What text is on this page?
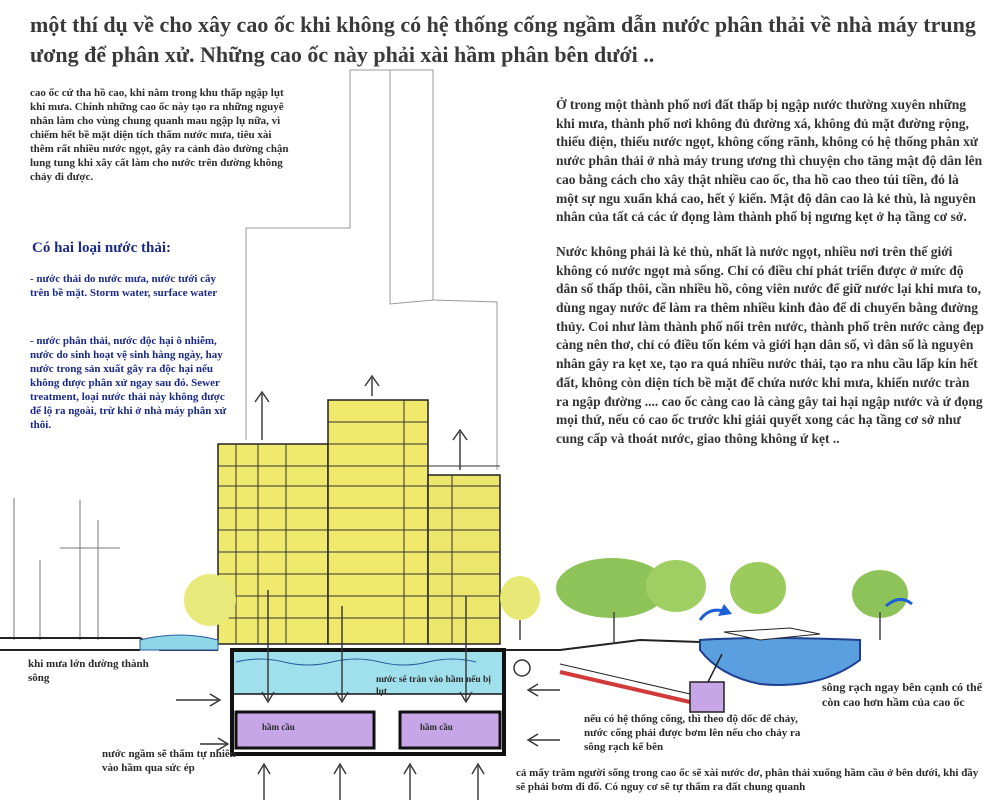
một thí dụ về cho xây cao ốc khi không có hệ thống cống ngầm dẫn nước phân thải về nhà máy trung ương để phân xử. Những cao ốc này phải xài hầm phân bên dưới ..
cao ốc cứ tha hồ cao, khi nằm trong khu thấp ngập lụt khi mưa. Chính những cao ốc này tạo ra những nguyê nhân làm cho vùng chung quanh mau ngập lụ nữa, vì chiếm hết bề mặt diện tích thấm nước mưa, tiêu xài thêm rất nhiều nước ngọt, gây ra cảnh đào đường chận lung tung khi xây cất làm cho nước trên đường không chảy đi được.
Có hai loại nước thải:
- nước thải do nước mưa, nước tưới cây trên bề mặt. Storm water, surface water
- nước phân thải, nước độc hại ô nhiễm, nước do sinh hoạt vệ sinh hàng ngày, hay nước trong sản xuất gây ra độc hại nếu không được phân xử ngay sau đó. Sewer treatment, loại nước thải này không được để lộ ra ngoài, trừ khi ở nhà máy phân xử thôi.

Ở trong một thành phố nơi đất thấp bị ngập nước thường xuyên những khi mưa, thành phố nơi không đủ đường xá, không đủ mặt đường rộng, thiếu điện, thiếu nước ngọt, không cống rãnh, không có hệ thống phân xử nước phân thải ở nhà máy trung ương thì chuyện cho tăng mật độ dân lên cao bằng cách cho xây thật nhiều cao ốc, tha hồ cao theo túi tiền, đó là một sự ngu xuẩn khá cao, hết ý kiến. Mật độ dân cao là kẻ thù, là nguyên nhân của tất cả các ứ đọng làm thành phố bị ngưng kẹt ở hạ tầng cơ sở.

Nước không phải là kẻ thù, nhất là nước ngọt, nhiều nơi trên thế giới không có nước ngọt mà sống. Chỉ có điều chỉ phát triển được ở mức độ dân số thấp thôi, cần nhiều hồ, công viên nước để giữ nước lại khi mưa to, dùng ngay nước để làm ra thêm nhiều kinh đào để di chuyển bằng đường thủy. Coi như làm thành phố nổi trên nước, thành phố trên nước càng đẹp càng nên thơ, chỉ có điều tốn kém và giới hạn dân số, vì dân số là nguyên nhân gây ra kẹt xe, tạo ra quá nhiều nước thải, tạo ra nhu cầu lấp kín hết đất, không còn diện tích bề mặt để chứa nước khi mưa, khiến nước tràn ra ngập đường .... cao ốc càng cao là càng gây tai hại ngập nước và ứ đọng mọi thứ, nếu có cao ốc trước khi giải quyết xong các hạ tầng cơ sở như cung cấp và thoát nước, giao thông không ứ kẹt ..

khi mưa lớn đường thành sông	nước sẽ tràn vào hầm nếu bị lụt
hầm cầu	hầm cầu
sông rạch ngay bên cạnh có thể còn cao hơn hầm của cao ốc
nếu có hệ thống cống, thì theo độ dốc để chảy, nước cống phải được bơm lên nếu cho chảy ra sông rạch kế bên
nước ngầm sẽ thấm tự nhiên vào hầm qua sức ép	cả mấy trăm người sống trong cao ốc sẽ xài nước dơ, phân thải xuống hầm cầu ở bên dưới, khi đầy sẽ phải bơm đi đổ. Có nguy cơ sẽ tự thấm ra đất chung quanh
